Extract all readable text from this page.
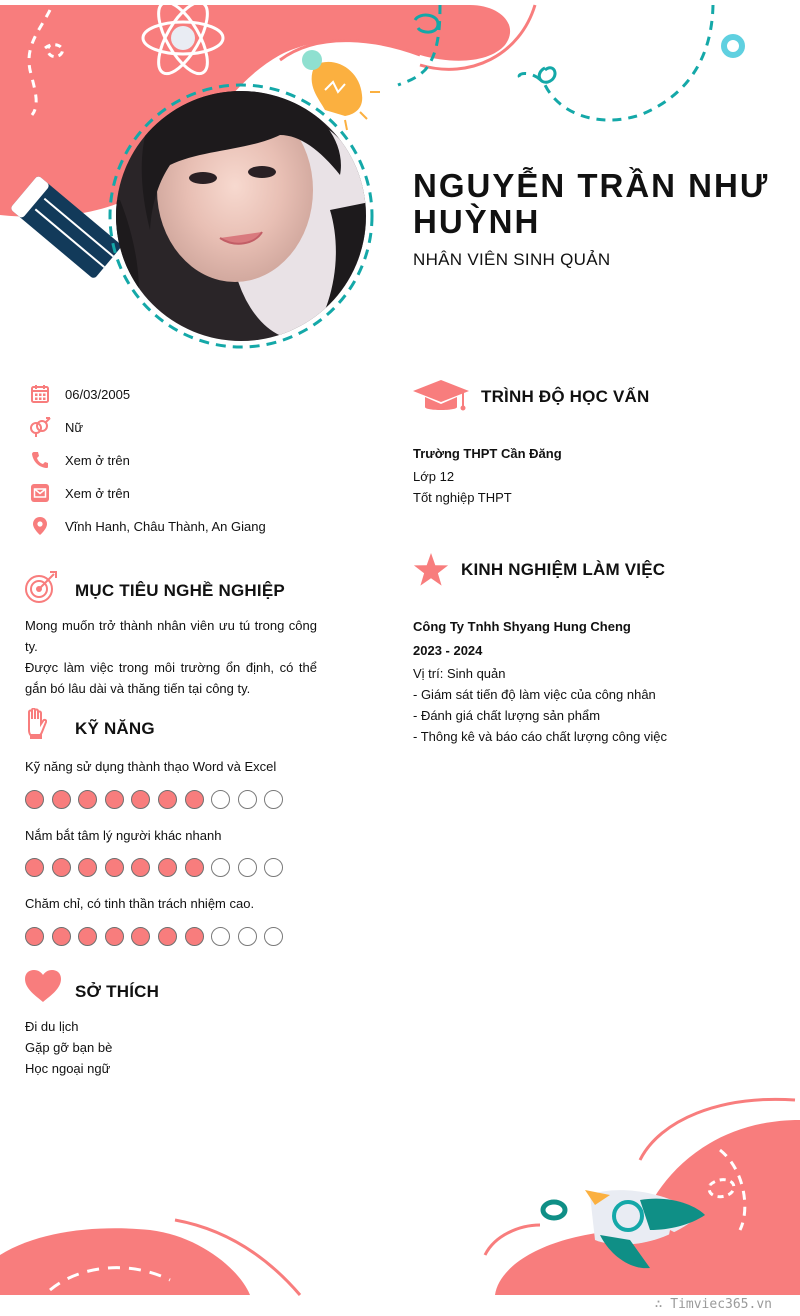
NGUYỄN TRẦN NHƯ HUỲNH
NHÂN VIÊN SINH QUẢN
06/03/2005
Nữ
Xem ở trên
Xem ở trên
Vĩnh Hanh, Châu Thành, An Giang
MỤC TIÊU NGHỀ NGHIỆP
Mong muốn trở thành nhân viên ưu tú trong công ty.
Được làm việc trong môi trường ổn định, có thể gắn bó lâu dài và thăng tiến tại công ty.
KỸ NĂNG
Kỹ năng sử dụng thành thạo Word và Excel
Nắm bắt tâm lý người khác nhanh
Chăm chỉ, có tinh thần trách nhiệm cao.
SỞ THÍCH
Đi du lịch
Gặp gỡ bạn bè
Học ngoại ngữ
TRÌNH ĐỘ HỌC VẤN
Trường THPT Cần Đăng
Lớp 12
Tốt nghiệp THPT
KINH NGHIỆM LÀM VIỆC
Công Ty Tnhh Shyang Hung Cheng
2023 - 2024
Vị trí: Sinh quản
- Giám sát tiến độ làm việc của công nhân
- Đánh giá chất lượng sản phẩm
- Thông kê và báo cáo chất lượng công việc
∴ Timviec365.vn
